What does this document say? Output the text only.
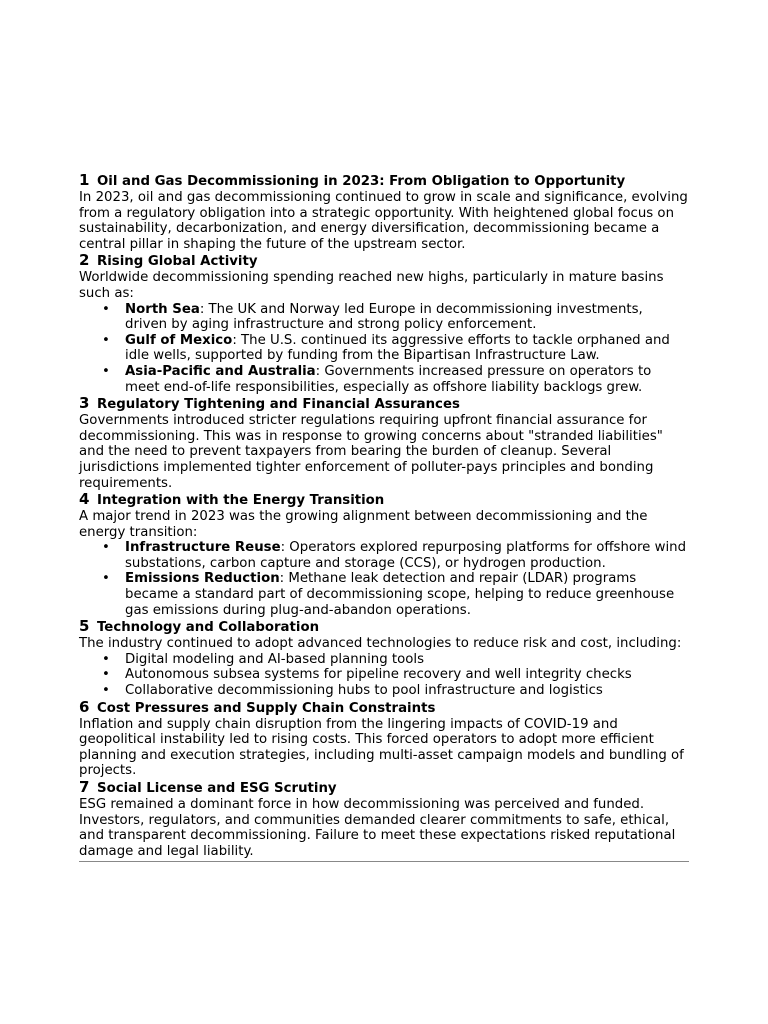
1 Oil and Gas Decommissioning in 2023: From Obligation to Opportunity

In 2023, oil and gas decommissioning continued to grow in scale and significance, evolving from a regulatory obligation into a strategic opportunity. With heightened global focus on sustainability, decarbonization, and energy diversification, decommissioning became a central pillar in shaping the future of the upstream sector.

2 Rising Global Activity

Worldwide decommissioning spending reached new highs, particularly in mature basins such as:

• North Sea: The UK and Norway led Europe in decommissioning investments, driven by aging infrastructure and strong policy enforcement.
• Gulf of Mexico: The U.S. continued its aggressive efforts to tackle orphaned and idle wells, supported by funding from the Bipartisan Infrastructure Law.
• Asia-Pacific and Australia: Governments increased pressure on operators to meet end-of-life responsibilities, especially as offshore liability backlogs grew.
3 Regulatory Tightening and Financial Assurances

Governments introduced stricter regulations requiring upfront financial assurance for decommissioning. This was in response to growing concerns about "stranded liabilities" and the need to prevent taxpayers from bearing the burden of cleanup. Several jurisdictions implemented tighter enforcement of polluter-pays principles and bonding requirements.

4 Integration with the Energy Transition

A major trend in 2023 was the growing alignment between decommissioning and the energy transition:

• Infrastructure Reuse: Operators explored repurposing platforms for offshore wind substations, carbon capture and storage (CCS), or hydrogen production.
• Emissions Reduction: Methane leak detection and repair (LDAR) programs became a standard part of decommissioning scope, helping to reduce greenhouse gas emissions during plug-and-abandon operations.
5 Technology and Collaboration

The industry continued to adopt advanced technologies to reduce risk and cost, including:

• Digital modeling and AI-based planning tools
• Autonomous subsea systems for pipeline recovery and well integrity checks
• Collaborative decommissioning hubs to pool infrastructure and logistics
6 Cost Pressures and Supply Chain Constraints

Inflation and supply chain disruption from the lingering impacts of COVID-19 and geopolitical instability led to rising costs. This forced operators to adopt more efficient planning and execution strategies, including multi-asset campaign models and bundling of projects.

7 Social License and ESG Scrutiny

ESG remained a dominant force in how decommissioning was perceived and funded. Investors, regulators, and communities demanded clearer commitments to safe, ethical, and transparent decommissioning. Failure to meet these expectations risked reputational damage and legal liability.
